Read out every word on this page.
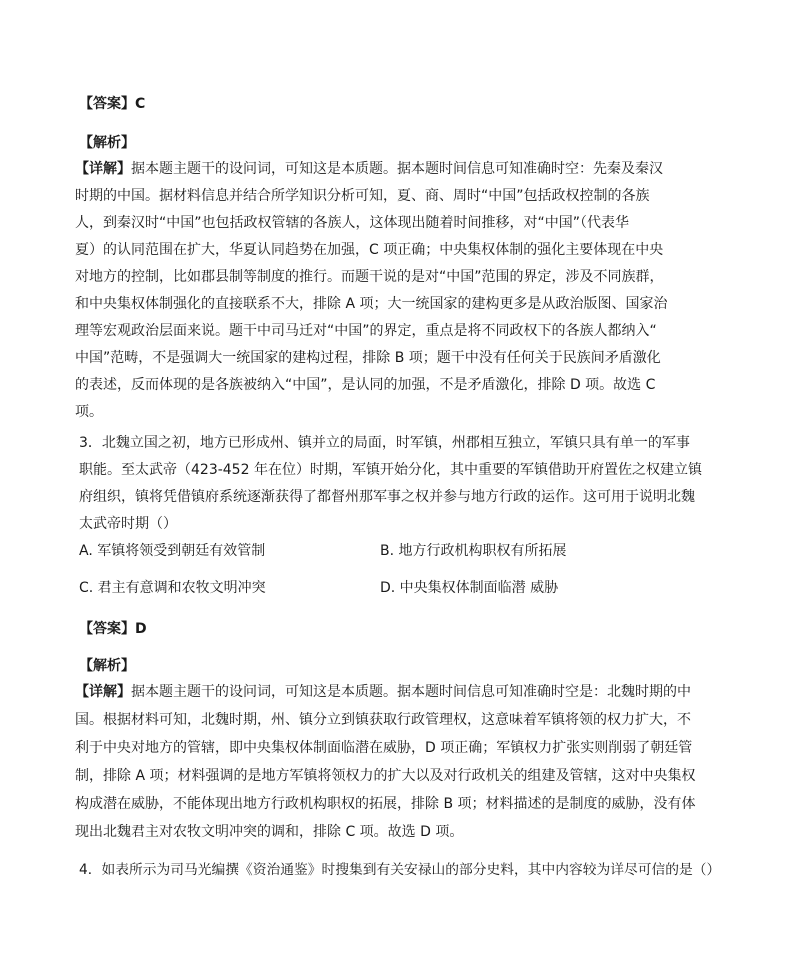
【答案】C
【解析】
【详解】据本题主题干的设问词，可知这是本质题。据本题时间信息可知准确时空：先秦及秦汉
时期的中国。据材料信息并结合所学知识分析可知，夏、商、周时“中国”包括政权控制的各族
人，到秦汉时“中国”也包括政权管辖的各族人，这体现出随着时间推移，对“中国”（代表华
夏）的认同范围在扩大，华夏认同趋势在加强，C 项正确；中央集权体制的强化主要体现在中央
对地方的控制，比如郡县制等制度的推行。而题干说的是对“中国”范围的界定，涉及不同族群，
和中央集权体制强化的直接联系不大，排除 A 项；大一统国家的建构更多是从政治版图、国家治
理等宏观政治层面来说。题干中司马迁对“中国”的界定，重点是将不同政权下的各族人都纳入“
中国”范畴，不是强调大一统国家的建构过程，排除 B 项；题干中没有任何关于民族间矛盾激化
的表述，反而体现的是各族被纳入“中国”，是认同的加强，不是矛盾激化，排除 D 项。故选 C
项。
3．北魏立国之初，地方已形成州、镇并立的局面，时军镇，州郡相互独立，军镇只具有单一的军事
职能。至太武帝（423-452 年在位）时期，军镇开始分化，其中重要的军镇借助开府置佐之权建立镇
府组织，镇将凭借镇府系统逐渐获得了都督州那军事之权并参与地方行政的运作。这可用于说明北魏
太武帝时期（）
A. 军镇将领受到朝廷有效管制	B. 地方行政机构职权有所拓展
C. 君主有意调和农牧文明冲突	D. 中央集权体制面临潜 威胁
【答案】D
【解析】
【详解】据本题主题干的设问词，可知这是本质题。据本题时间信息可知准确时空是：北魏时期的中
国。根据材料可知，北魏时期，州、镇分立到镇获取行政管理权，这意味着军镇将领的权力扩大，不
利于中央对地方的管辖，即中央集权体制面临潜在威胁，D 项正确；军镇权力扩张实则削弱了朝廷管
制，排除 A 项；材料强调的是地方军镇将领权力的扩大以及对行政机关的组建及管辖，这对中央集权
构成潜在威胁，不能体现出地方行政机构职权的拓展，排除 B 项；材料描述的是制度的威胁，没有体
现出北魏君主对农牧文明冲突的调和，排除 C 项。故选 D 项。
4．如表所示为司马光编撰《资治通鉴》时搜集到有关安禄山的部分史料，其中内容较为详尽可信的是（）
